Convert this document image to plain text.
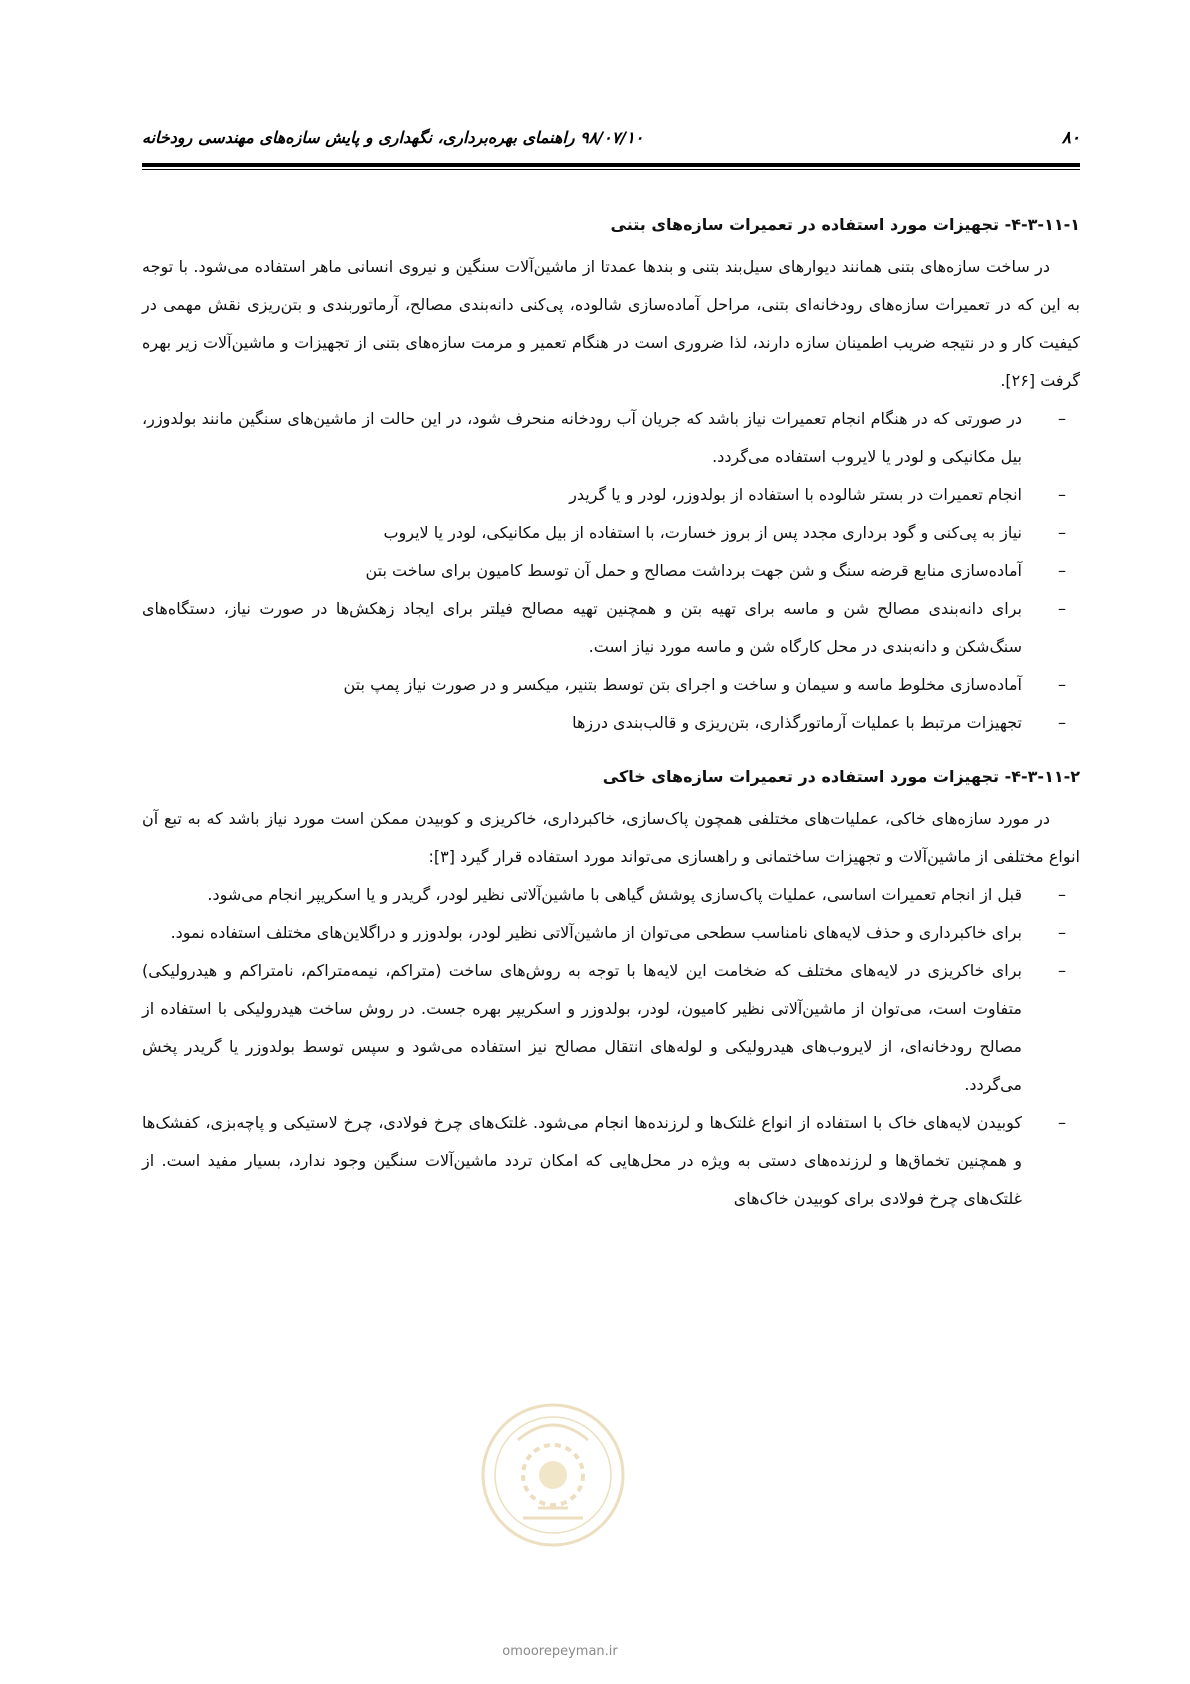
۸۰
۹۸/۰۷/۱۰ راهنمای بهره‌برداری، نگهداری و پایش سازه‌های مهندسی رودخانه
۴-۳-۱۱-۱- تجهیزات مورد استفاده در تعمیرات سازه‌های بتنی

در ساخت سازه‌های بتنی همانند دیوارهای سیل‌بند بتنی و بندها عمدتا از ماشین‌آلات سنگین و نیروی انسانی ماهر استفاده می‌شود. با توجه به این که در تعمیرات سازه‌های رودخانه‌ای بتنی، مراحل آماده‌سازی شالوده، پی‌کنی دانه‌بندی مصالح، آرماتوربندی و بتن‌ریزی نقش مهمی در کیفیت کار و در نتیجه ضریب اطمینان سازه دارند، لذا ضروری است در هنگام تعمیر و مرمت سازه‌های بتنی از تجهیزات و ماشین‌آلات زیر بهره گرفت [۲۶].

–
در صورتی که در هنگام انجام تعمیرات نیاز باشد که جریان آب رودخانه منحرف شود، در این حالت از ماشین‌های سنگین مانند بولدوزر، بیل مکانیکی و لودر یا لایروب استفاده می‌گردد.
–
انجام تعمیرات در بستر شالوده با استفاده از بولدوزر، لودر و یا گریدر
–
نیاز به پی‌کنی و گود برداری مجدد پس از بروز خسارت، با استفاده از بیل مکانیکی، لودر یا لایروب
–
آماده‌سازی منابع قرضه سنگ و شن جهت برداشت مصالح و حمل آن توسط کامیون برای ساخت بتن
–
برای دانه‌بندی مصالح شن و ماسه برای تهیه بتن و همچنین تهیه مصالح فیلتر برای ایجاد زهکش‌ها در صورت نیاز، دستگاه‌های سنگ‌شکن و دانه‌بندی در محل کارگاه شن و ماسه مورد نیاز است.
–
آماده‌سازی مخلوط ماسه و سیمان و ساخت و اجرای بتن توسط بتنیر، میکسر و در صورت نیاز پمپ بتن
–
تجهیزات مرتبط با عملیات آرماتورگذاری، بتن‌ریزی و قالب‌بندی درزها
۴-۳-۱۱-۲- تجهیزات مورد استفاده در تعمیرات سازه‌های خاکی

در مورد سازه‌های خاکی، عملیات‌های مختلفی همچون پاک‌سازی، خاکبرداری، خاکریزی و کوبیدن ممکن است مورد نیاز باشد که به تبع آن انواع مختلفی از ماشین‌آلات و تجهیزات ساختمانی و راهسازی می‌تواند مورد استفاده قرار گیرد [۳]:

–
قبل از انجام تعمیرات اساسی، عملیات پاک‌سازی پوشش گیاهی با ماشین‌آلاتی نظیر لودر، گریدر و یا اسکریپر انجام می‌شود.
–
برای خاکبرداری و حذف لایه‌های نامناسب سطحی می‌توان از ماشین‌آلاتی نظیر لودر، بولدوزر و دراگلاین‌های مختلف استفاده نمود.
–
برای خاکریزی در لایه‌های مختلف که ضخامت این لایه‌ها با توجه به روش‌های ساخت (متراکم، نیمه‌متراکم، نامتراکم و هیدرولیکی) متفاوت است، می‌توان از ماشین‌آلاتی نظیر کامیون، لودر، بولدوزر و اسکریپر بهره جست. در روش ساخت هیدرولیکی با استفاده از مصالح رودخانه‌ای، از لایروب‌های هیدرولیکی و لوله‌های انتقال مصالح نیز استفاده می‌شود و سپس توسط بولدوزر یا گریدر پخش می‌گردد.
–
کوبیدن لایه‌های خاک با استفاده از انواع غلتک‌ها و لرزنده‌ها انجام می‌شود. غلتک‌های چرخ فولادی، چرخ لاستیکی و پاچه‌بزی، کفشک‌ها و همچنین تخماق‌ها و لرزنده‌های دستی به ویژه در محل‌هایی که امکان تردد ماشین‌آلات سنگین وجود ندارد، بسیار مفید است. از غلتک‌های چرخ فولادی برای کوبیدن خاک‌های
omoorepeyman.ir
